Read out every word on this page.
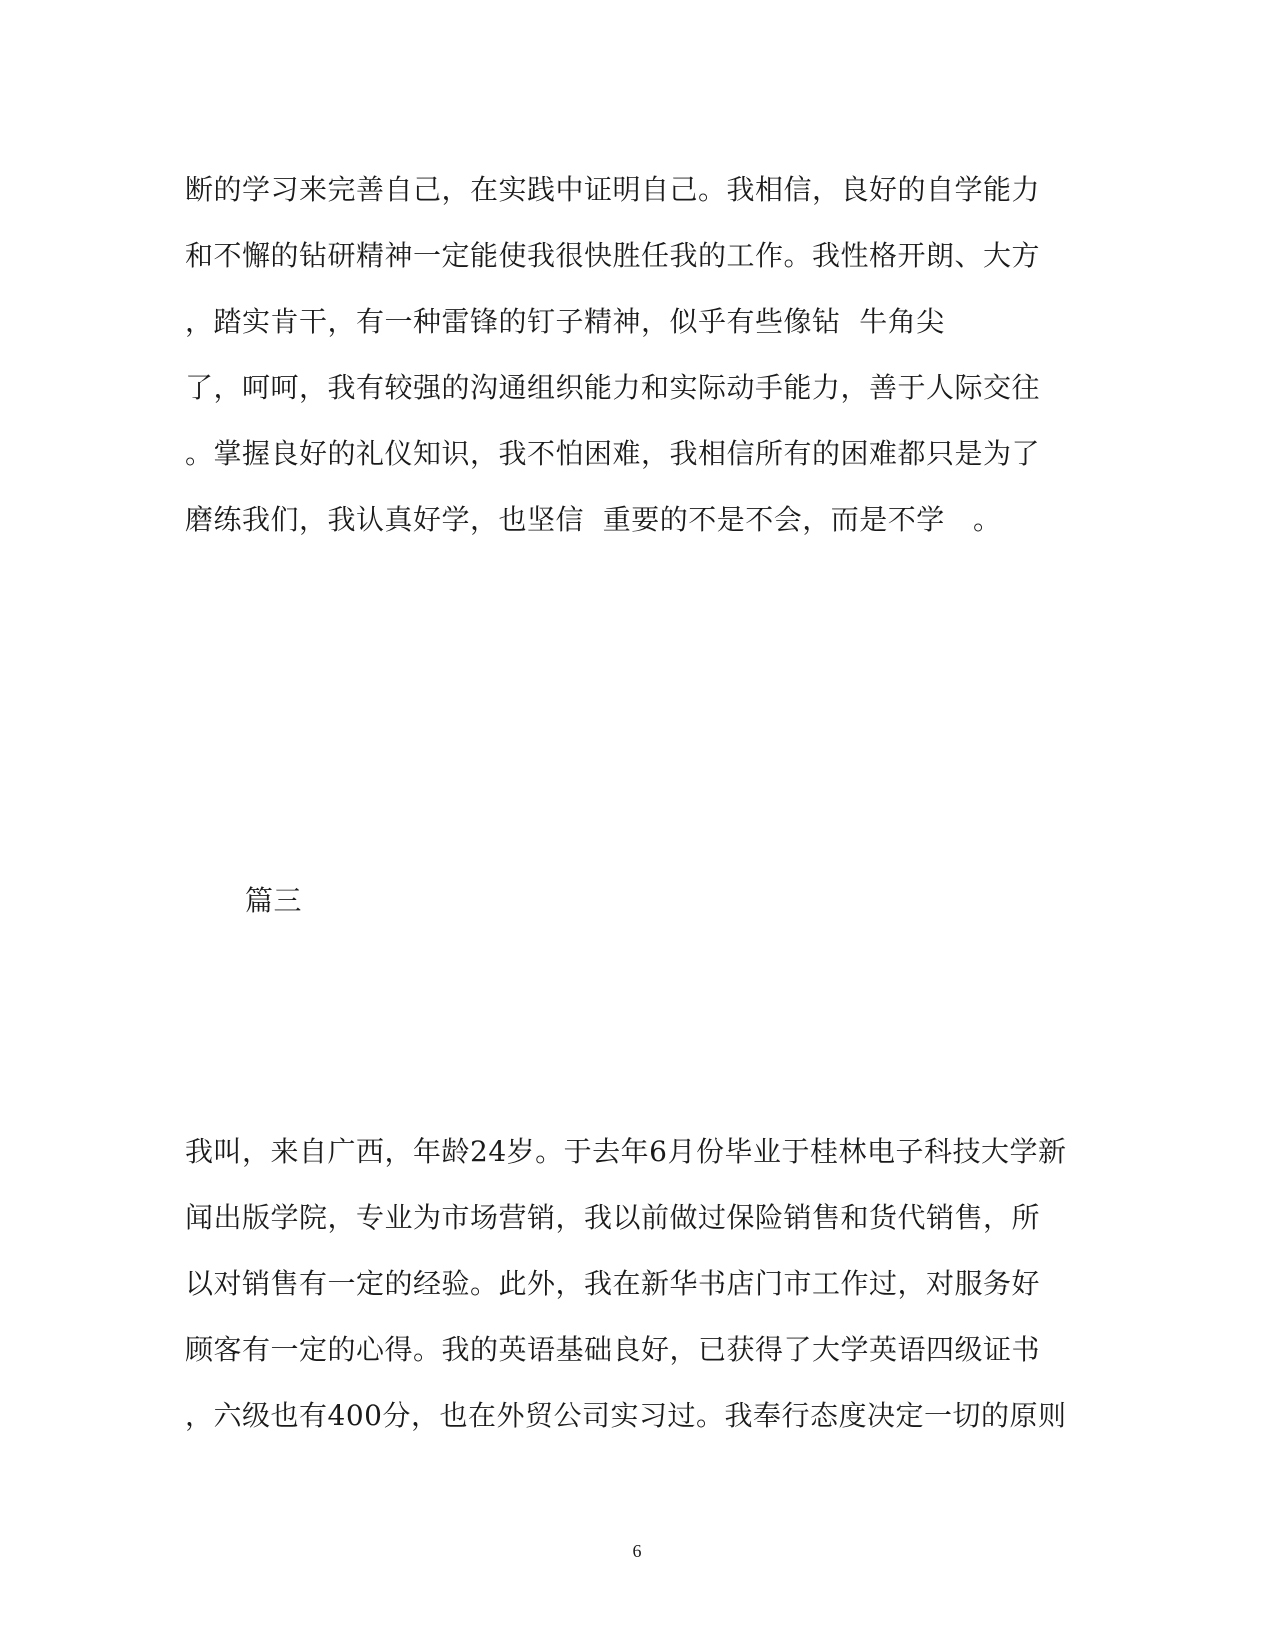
断的学习来完善自己，在实践中证明自己。我相信，良好的自学能力
和不懈的钻研精神一定能使我很快胜任我的工作。我性格开朗、大方
，踏实肯干，有一种雷锋的钉子精神，似乎有些像钻  牛角尖
了，呵呵，我有较强的沟通组织能力和实际动手能力，善于人际交往
。掌握良好的礼仪知识，我不怕困难，我相信所有的困难都只是为了
磨练我们，我认真好学，也坚信  重要的不是不会，而是不学   。
篇三
我叫，来自广西，年龄24岁。于去年6月份毕业于桂林电子科技大学新
闻出版学院，专业为市场营销，我以前做过保险销售和货代销售，所
以对销售有一定的经验。此外，我在新华书店门市工作过，对服务好
顾客有一定的心得。我的英语基础良好，已获得了大学英语四级证书
，六级也有400分，也在外贸公司实习过。我奉行态度决定一切的原则
6
